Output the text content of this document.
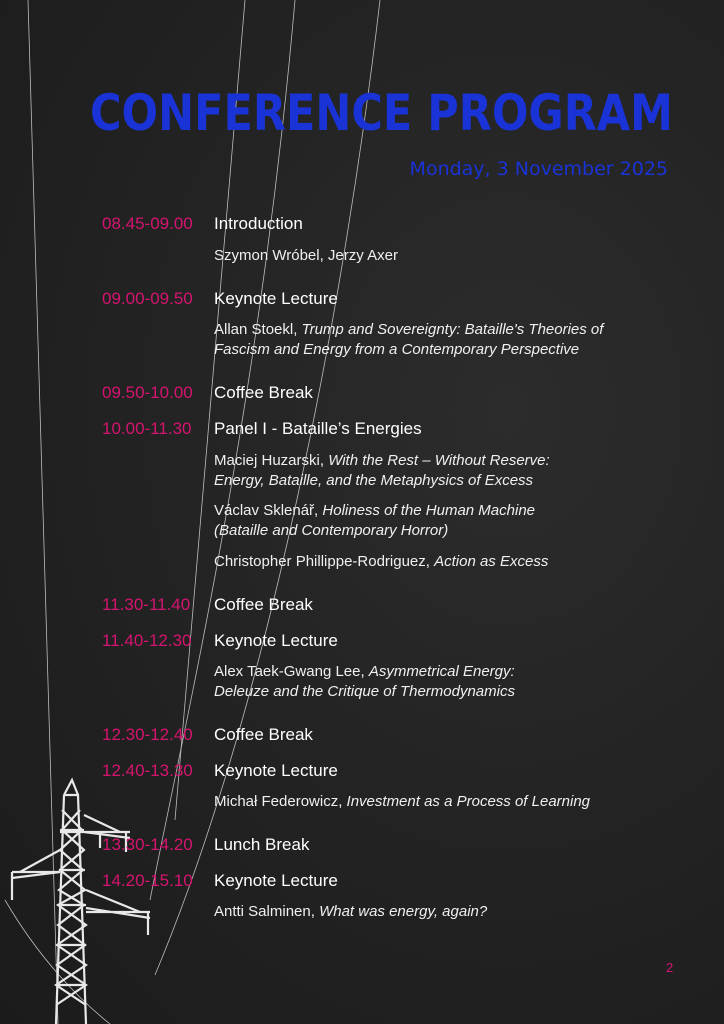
CONFERENCE PROGRAM
Monday, 3 November 2025
08.45-09.00 Introduction
Szymon Wróbel, Jerzy Axer
09.00-09.50 Keynote Lecture
Allan Stoekl, Trump and Sovereignty: Bataille's Theories of
Fascism and Energy from a Contemporary Perspective
09.50-10.00 Coffee Break
10.00-11.30 Panel I - Bataille’s Energies
Maciej Huzarski, With the Rest – Without Reserve:
Energy, Bataille, and the Metaphysics of Excess
Václav Sklenář, Holiness of the Human Machine
(Bataille and Contemporary Horror)
Christopher Phillippe-Rodriguez, Action as Excess
11.30-11.40 Coffee Break
11.40-12.30 Keynote Lecture
Alex Taek-Gwang Lee, Asymmetrical Energy:
Deleuze and the Critique of Thermodynamics
12.30-12.40 Coffee Break
12.40-13.30 Keynote Lecture
Michał Federowicz, Investment as a Process of Learning
13.30-14.20 Lunch Break
14.20-15.10 Keynote Lecture
Antti Salminen, What was energy, again?
2
